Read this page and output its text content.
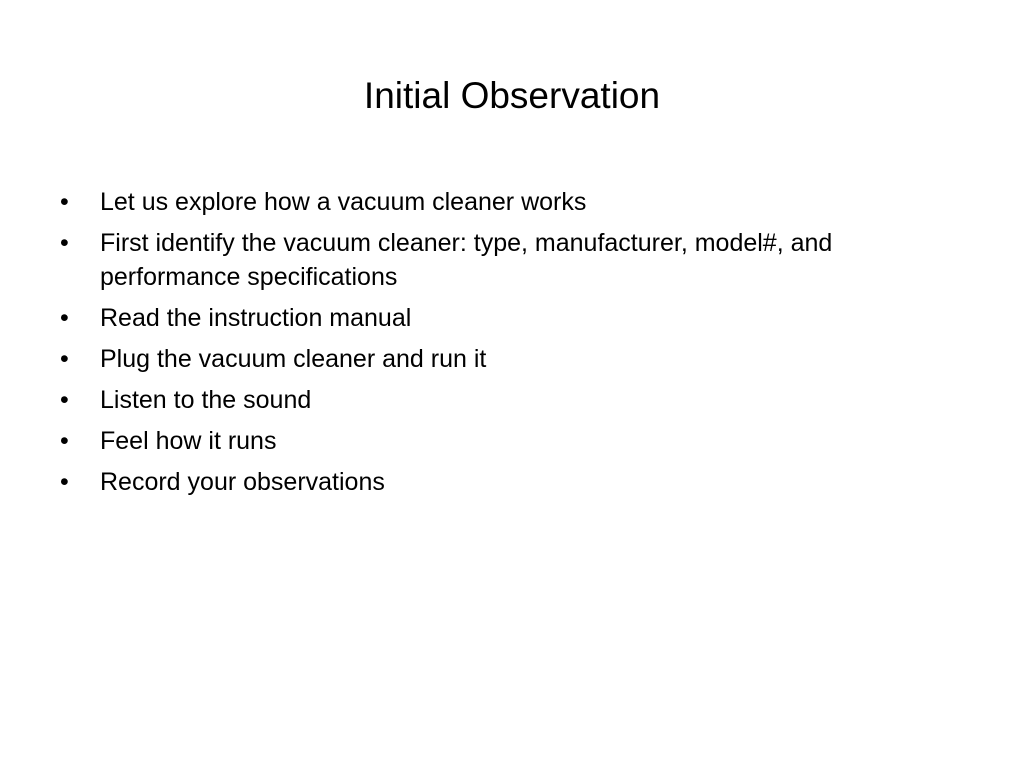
Initial Observation
•	Let us explore how a vacuum cleaner works
•	First identify the vacuum cleaner: type, manufacturer, model#, and performance specifications
•	Read the instruction manual
•	Plug the vacuum cleaner and run it
•	Listen to the sound
•	Feel how it runs
•	Record your observations
